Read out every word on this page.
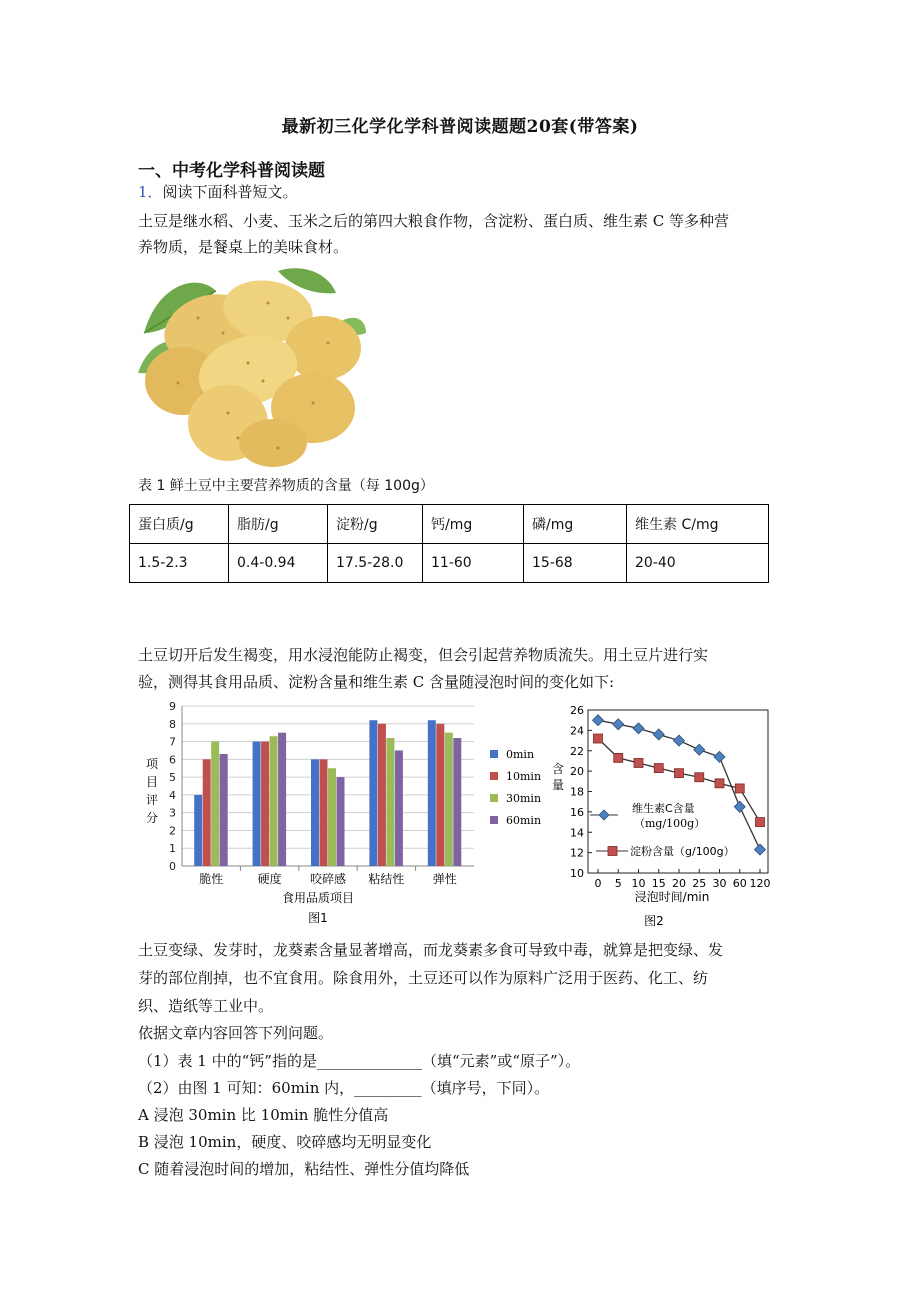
最新初三化学化学科普阅读题题20套(带答案)
一、中考化学科普阅读题
1．阅读下面科普短文。
土豆是继水稻、小麦、玉米之后的第四大粮食作物，含淀粉、蛋白质、维生素 C 等多种营
养物质，是餐桌上的美味食材。
表 1 鲜土豆中主要营养物质的含量（每 100g）
蛋白质/g	脂肪/g	淀粉/g	钙/mg	磷/mg	维生素 C/mg
1.5-2.3	0.4-0.94	17.5-28.0	11-60	15-68	20-40
土豆切开后发生褐变，用水浸泡能防止褐变，但会引起营养物质流失。用土豆片进行实
验，测得其食用品质、淀粉含量和维生素 C 含量随浸泡时间的变化如下:
0
1
2
3
4
5
6
7
8
9
脆性	硬度 咬碎感 粘结性 弹性
项
目
评
分
食用品质项目
图1
0min
10min
30min
60min
10
12
14
16
18
20
22
24
26
0 5 10 15 20 25 30 60 120
维生素C含量
（mg/100g）
淀粉含量（g/100g）
含
量
浸泡时间/min
图2
土豆变绿、发芽时，龙葵素含量显著增高，而龙葵素多食可导致中毒，就算是把变绿、发
芽的部位削掉，也不宜食用。除食用外，土豆还可以作为原料广泛用于医药、化工、纺
织、造纸等工业中。
依据文章内容回答下列问题。
（1）表 1 中的“钙”指的是______________（填“元素”或“原子”）。
（2）由图 1 可知：60min 内，_________（填序号，下同）。
A 浸泡 30min 比 10min 脆性分值高
B 浸泡 10min，硬度、咬碎感均无明显变化
C 随着浸泡时间的增加，粘结性、弹性分值均降低
